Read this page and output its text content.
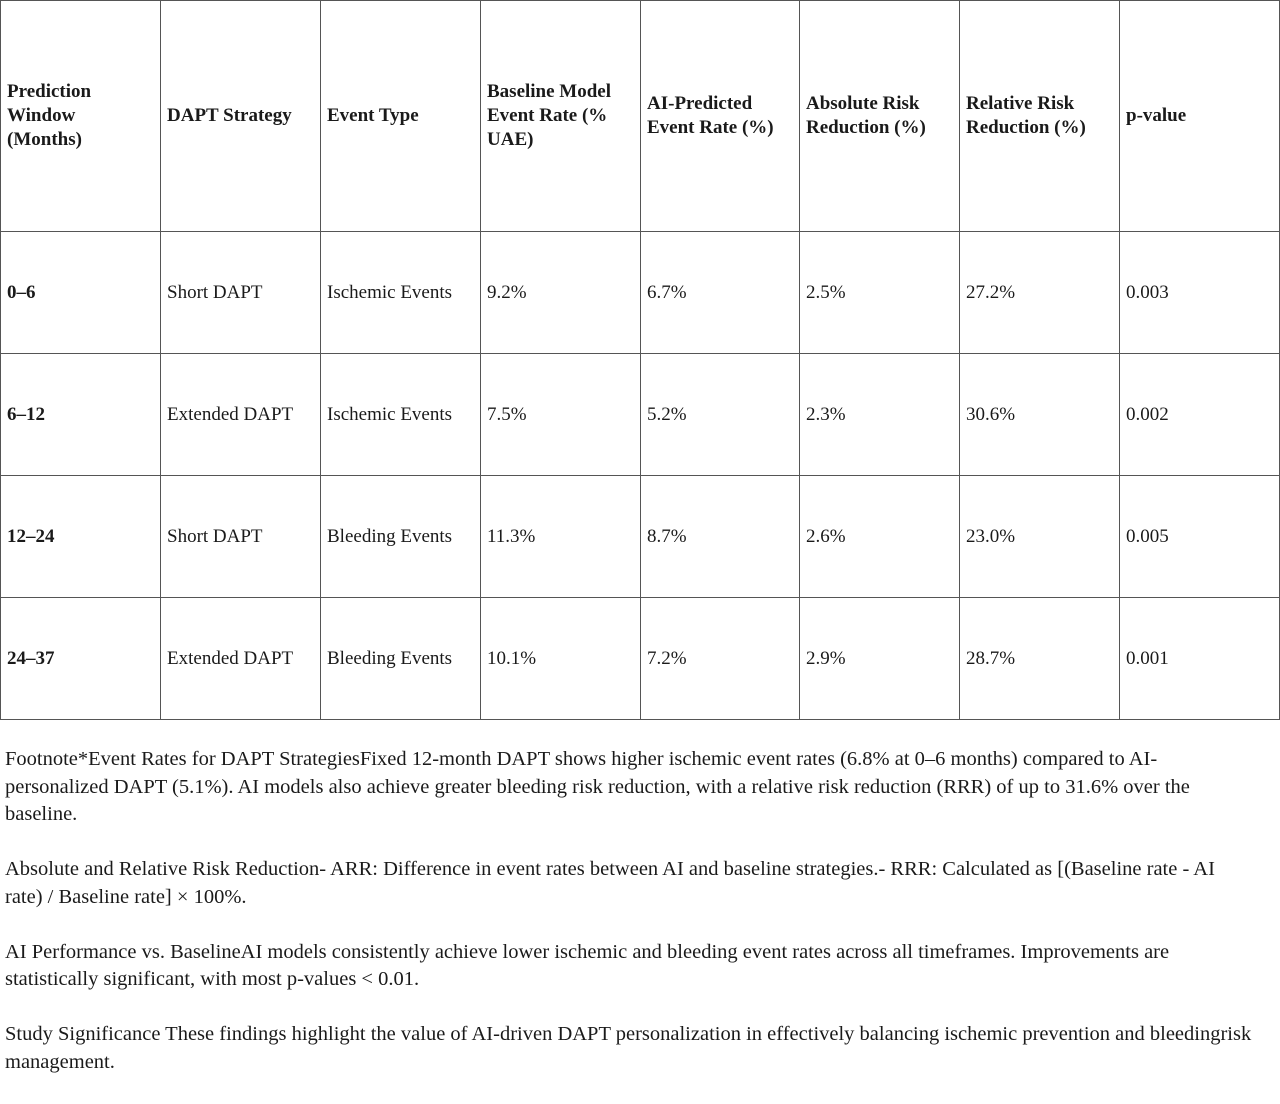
Prediction Window (Months)	DAPT Strategy	Event Type	Baseline Model Event Rate (% UAE)	AI-Predicted Event Rate (%)	Absolute Risk Reduction (%)	Relative Risk Reduction (%)	p-value
0–6	Short DAPT	Ischemic Events	9.2%	6.7%	2.5%	27.2%	0.003
6–12	Extended DAPT	Ischemic Events	7.5%	5.2%	2.3%	30.6%	0.002
12–24	Short DAPT	Bleeding Events	11.3%	8.7%	2.6%	23.0%	0.005
24–37	Extended DAPT	Bleeding Events	10.1%	7.2%	2.9%	28.7%	0.001

Footnote*Event Rates for DAPT StrategiesFixed 12-month DAPT shows higher ischemic event rates (6.8% at 0–6 months) compared to AI-personalized DAPT (5.1%). AI models also achieve greater bleeding risk reduction, with a relative risk reduction (RRR) of up to 31.6% over the baseline.

Absolute and Relative Risk Reduction- ARR: Difference in event rates between AI and baseline strategies.- RRR: Calculated as [(Baseline rate - AI rate) / Baseline rate] × 100%.

AI Performance vs. BaselineAI models consistently achieve lower ischemic and bleeding event rates across all timeframes. Improvements are statistically significant, with most p-values < 0.01.

Study Significance These findings highlight the value of AI-driven DAPT personalization in effectively balancing ischemic prevention and bleedingrisk management.
